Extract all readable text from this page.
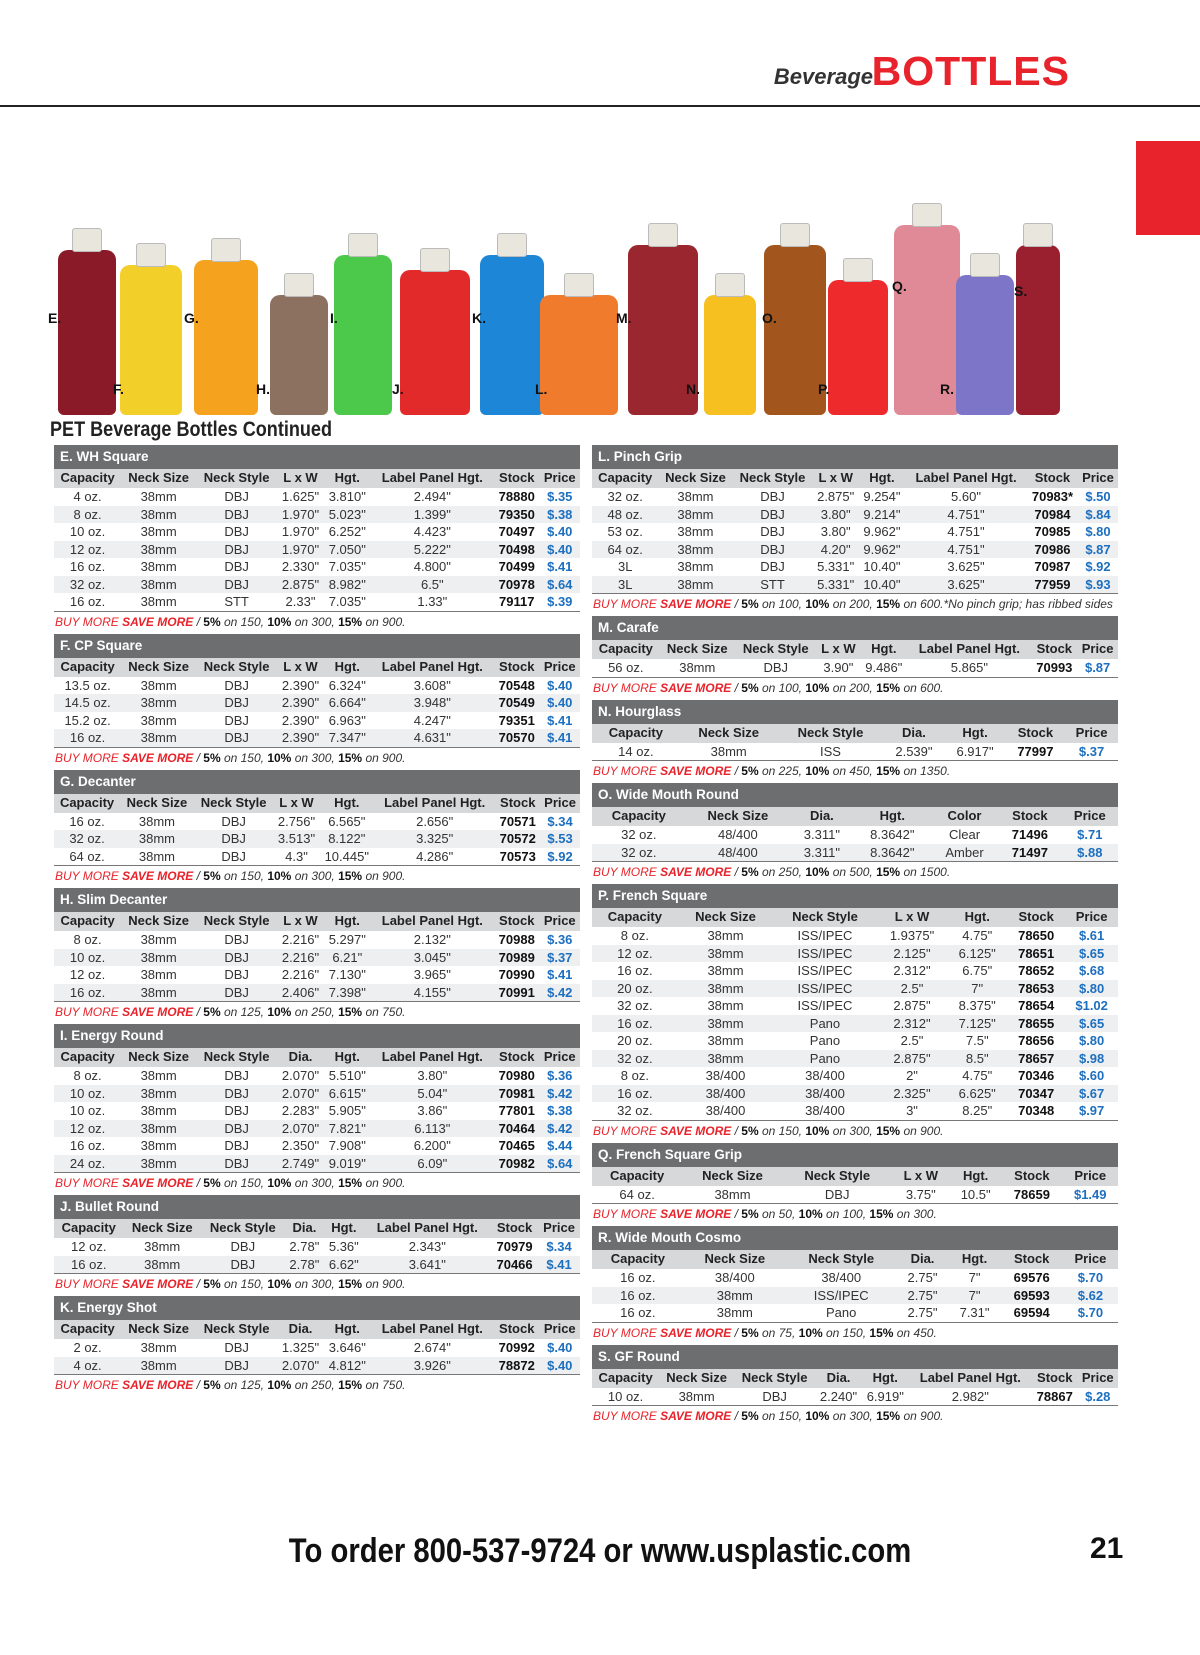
Beverage
BOTTLES
E.
F.
G.
H.
I.
J.
K.
L.
M.
N.
O.
P.
Q.
R.
S.
PET Beverage Bottles Continued
E. WH Square
Capacity	Neck Size	Neck Style	L x W	Hgt.	Label Panel Hgt.	Stock	Price
4 oz.	38mm	DBJ	1.625"	3.810"	2.494"	78880	$.35
8 oz.	38mm	DBJ	1.970"	5.023"	1.399"	79350	$.38
10 oz.	38mm	DBJ	1.970"	6.252"	4.423"	70497	$.40
12 oz.	38mm	DBJ	1.970"	7.050"	5.222"	70498	$.40
16 oz.	38mm	DBJ	2.330"	7.035"	4.800"	70499	$.41
32 oz.	38mm	DBJ	2.875"	8.982"	6.5"	70978	$.64
16 oz.	38mm	STT	2.33"	7.035"	1.33"	79117	$.39
BUY MORE SAVE MORE / 5% on 150, 10% on 300, 15% on 900.
F. CP Square
Capacity	Neck Size	Neck Style	L x W	Hgt.	Label Panel Hgt.	Stock	Price
13.5 oz.	38mm	DBJ	2.390"	6.324"	3.608"	70548	$.40
14.5 oz.	38mm	DBJ	2.390"	6.664"	3.948"	70549	$.40
15.2 oz.	38mm	DBJ	2.390"	6.963"	4.247"	79351	$.41
16 oz.	38mm	DBJ	2.390"	7.347"	4.631"	70570	$.41
BUY MORE SAVE MORE / 5% on 150, 10% on 300, 15% on 900.
G. Decanter
Capacity	Neck Size	Neck Style	L x W	Hgt.	Label Panel Hgt.	Stock	Price
16 oz.	38mm	DBJ	2.756"	6.565"	2.656"	70571	$.34
32 oz.	38mm	DBJ	3.513"	8.122"	3.325"	70572	$.53
64 oz.	38mm	DBJ	4.3"	10.445"	4.286"	70573	$.92
BUY MORE SAVE MORE / 5% on 150, 10% on 300, 15% on 900.
H. Slim Decanter
Capacity	Neck Size	Neck Style	L x W	Hgt.	Label Panel Hgt.	Stock	Price
8 oz.	38mm	DBJ	2.216"	5.297"	2.132"	70988	$.36
10 oz.	38mm	DBJ	2.216"	6.21"	3.045"	70989	$.37
12 oz.	38mm	DBJ	2.216"	7.130"	3.965"	70990	$.41
16 oz.	38mm	DBJ	2.406"	7.398"	4.155"	70991	$.42
BUY MORE SAVE MORE / 5% on 125, 10% on 250, 15% on 750.
I. Energy Round
Capacity	Neck Size	Neck Style	Dia.	Hgt.	Label Panel Hgt.	Stock	Price
8 oz.	38mm	DBJ	2.070"	5.510"	3.80"	70980	$.36
10 oz.	38mm	DBJ	2.070"	6.615"	5.04"	70981	$.42
10 oz.	38mm	DBJ	2.283"	5.905"	3.86"	77801	$.38
12 oz.	38mm	DBJ	2.070"	7.821"	6.113"	70464	$.42
16 oz.	38mm	DBJ	2.350"	7.908"	6.200"	70465	$.44
24 oz.	38mm	DBJ	2.749"	9.019"	6.09"	70982	$.64
BUY MORE SAVE MORE / 5% on 150, 10% on 300, 15% on 900.
J. Bullet Round
Capacity	Neck Size	Neck Style	Dia.	Hgt.	Label Panel Hgt.	Stock	Price
12 oz.	38mm	DBJ	2.78"	5.36"	2.343"	70979	$.34
16 oz.	38mm	DBJ	2.78"	6.62"	3.641"	70466	$.41
BUY MORE SAVE MORE / 5% on 150, 10% on 300, 15% on 900.
K. Energy Shot
Capacity	Neck Size	Neck Style	Dia.	Hgt.	Label Panel Hgt.	Stock	Price
2 oz.	38mm	DBJ	1.325"	3.646"	2.674"	70992	$.40
4 oz.	38mm	DBJ	2.070"	4.812"	3.926"	78872	$.40
BUY MORE SAVE MORE / 5% on 125, 10% on 250, 15% on 750.
L. Pinch Grip
Capacity	Neck Size	Neck Style	L x W	Hgt.	Label Panel Hgt.	Stock	Price
32 oz.	38mm	DBJ	2.875"	9.254"	5.60"	70983*	$.50
48 oz.	38mm	DBJ	3.80"	9.214"	4.751"	70984	$.84
53 oz.	38mm	DBJ	3.80"	9.962"	4.751"	70985	$.80
64 oz.	38mm	DBJ	4.20"	9.962"	4.751"	70986	$.87
3L	38mm	DBJ	5.331"	10.40"	3.625"	70987	$.92
3L	38mm	STT	5.331"	10.40"	3.625"	77959	$.93
BUY MORE SAVE MORE / 5% on 100, 10% on 200, 15% on 600.*No pinch grip; has ribbed sides
M. Carafe
Capacity	Neck Size	Neck Style	L x W	Hgt.	Label Panel Hgt.	Stock	Price
56 oz.	38mm	DBJ	3.90"	9.486"	5.865"	70993	$.87
BUY MORE SAVE MORE / 5% on 100, 10% on 200, 15% on 600.
N. Hourglass
Capacity	Neck Size	Neck Style	Dia.	Hgt.	Stock	Price
14 oz.	38mm	ISS	2.539"	6.917"	77997	$.37
BUY MORE SAVE MORE / 5% on 225, 10% on 450, 15% on 1350.
O. Wide Mouth Round
Capacity	Neck Size	Dia.	Hgt.	Color	Stock	Price
32 oz.	48/400	3.311"	8.3642"	Clear	71496	$.71
32 oz.	48/400	3.311"	8.3642"	Amber	71497	$.88
BUY MORE SAVE MORE / 5% on 250, 10% on 500, 15% on 1500.
P. French Square
Capacity	Neck Size	Neck Style	L x W	Hgt.	Stock	Price
8 oz.	38mm	ISS/IPEC	1.9375"	4.75"	78650	$.61
12 oz.	38mm	ISS/IPEC	2.125"	6.125"	78651	$.65
16 oz.	38mm	ISS/IPEC	2.312"	6.75"	78652	$.68
20 oz.	38mm	ISS/IPEC	2.5"	7"	78653	$.80
32 oz.	38mm	ISS/IPEC	2.875"	8.375"	78654	$1.02
16 oz.	38mm	Pano	2.312"	7.125"	78655	$.65
20 oz.	38mm	Pano	2.5"	7.5"	78656	$.80
32 oz.	38mm	Pano	2.875"	8.5"	78657	$.98
8 oz.	38/400	38/400	2"	4.75"	70346	$.60
16 oz.	38/400	38/400	2.325"	6.625"	70347	$.67
32 oz.	38/400	38/400	3"	8.25"	70348	$.97
BUY MORE SAVE MORE / 5% on 150, 10% on 300, 15% on 900.
Q. French Square Grip
Capacity	Neck Size	Neck Style	L x W	Hgt.	Stock	Price
64 oz.	38mm	DBJ	3.75"	10.5"	78659	$1.49
BUY MORE SAVE MORE / 5% on 50, 10% on 100, 15% on 300.
R. Wide Mouth Cosmo
Capacity	Neck Size	Neck Style	Dia.	Hgt.	Stock	Price
16 oz.	38/400	38/400	2.75"	7"	69576	$.70
16 oz.	38mm	ISS/IPEC	2.75"	7"	69593	$.62
16 oz.	38mm	Pano	2.75"	7.31"	69594	$.70
BUY MORE SAVE MORE / 5% on 75, 10% on 150, 15% on 450.
S. GF Round
Capacity	Neck Size	Neck Style	Dia.	Hgt.	Label Panel Hgt.	Stock	Price
10 oz.	38mm	DBJ	2.240"	6.919"	2.982"	78867	$.28
BUY MORE SAVE MORE / 5% on 150, 10% on 300, 15% on 900.
To order 800-537-9724 or www.usplastic.com	21
